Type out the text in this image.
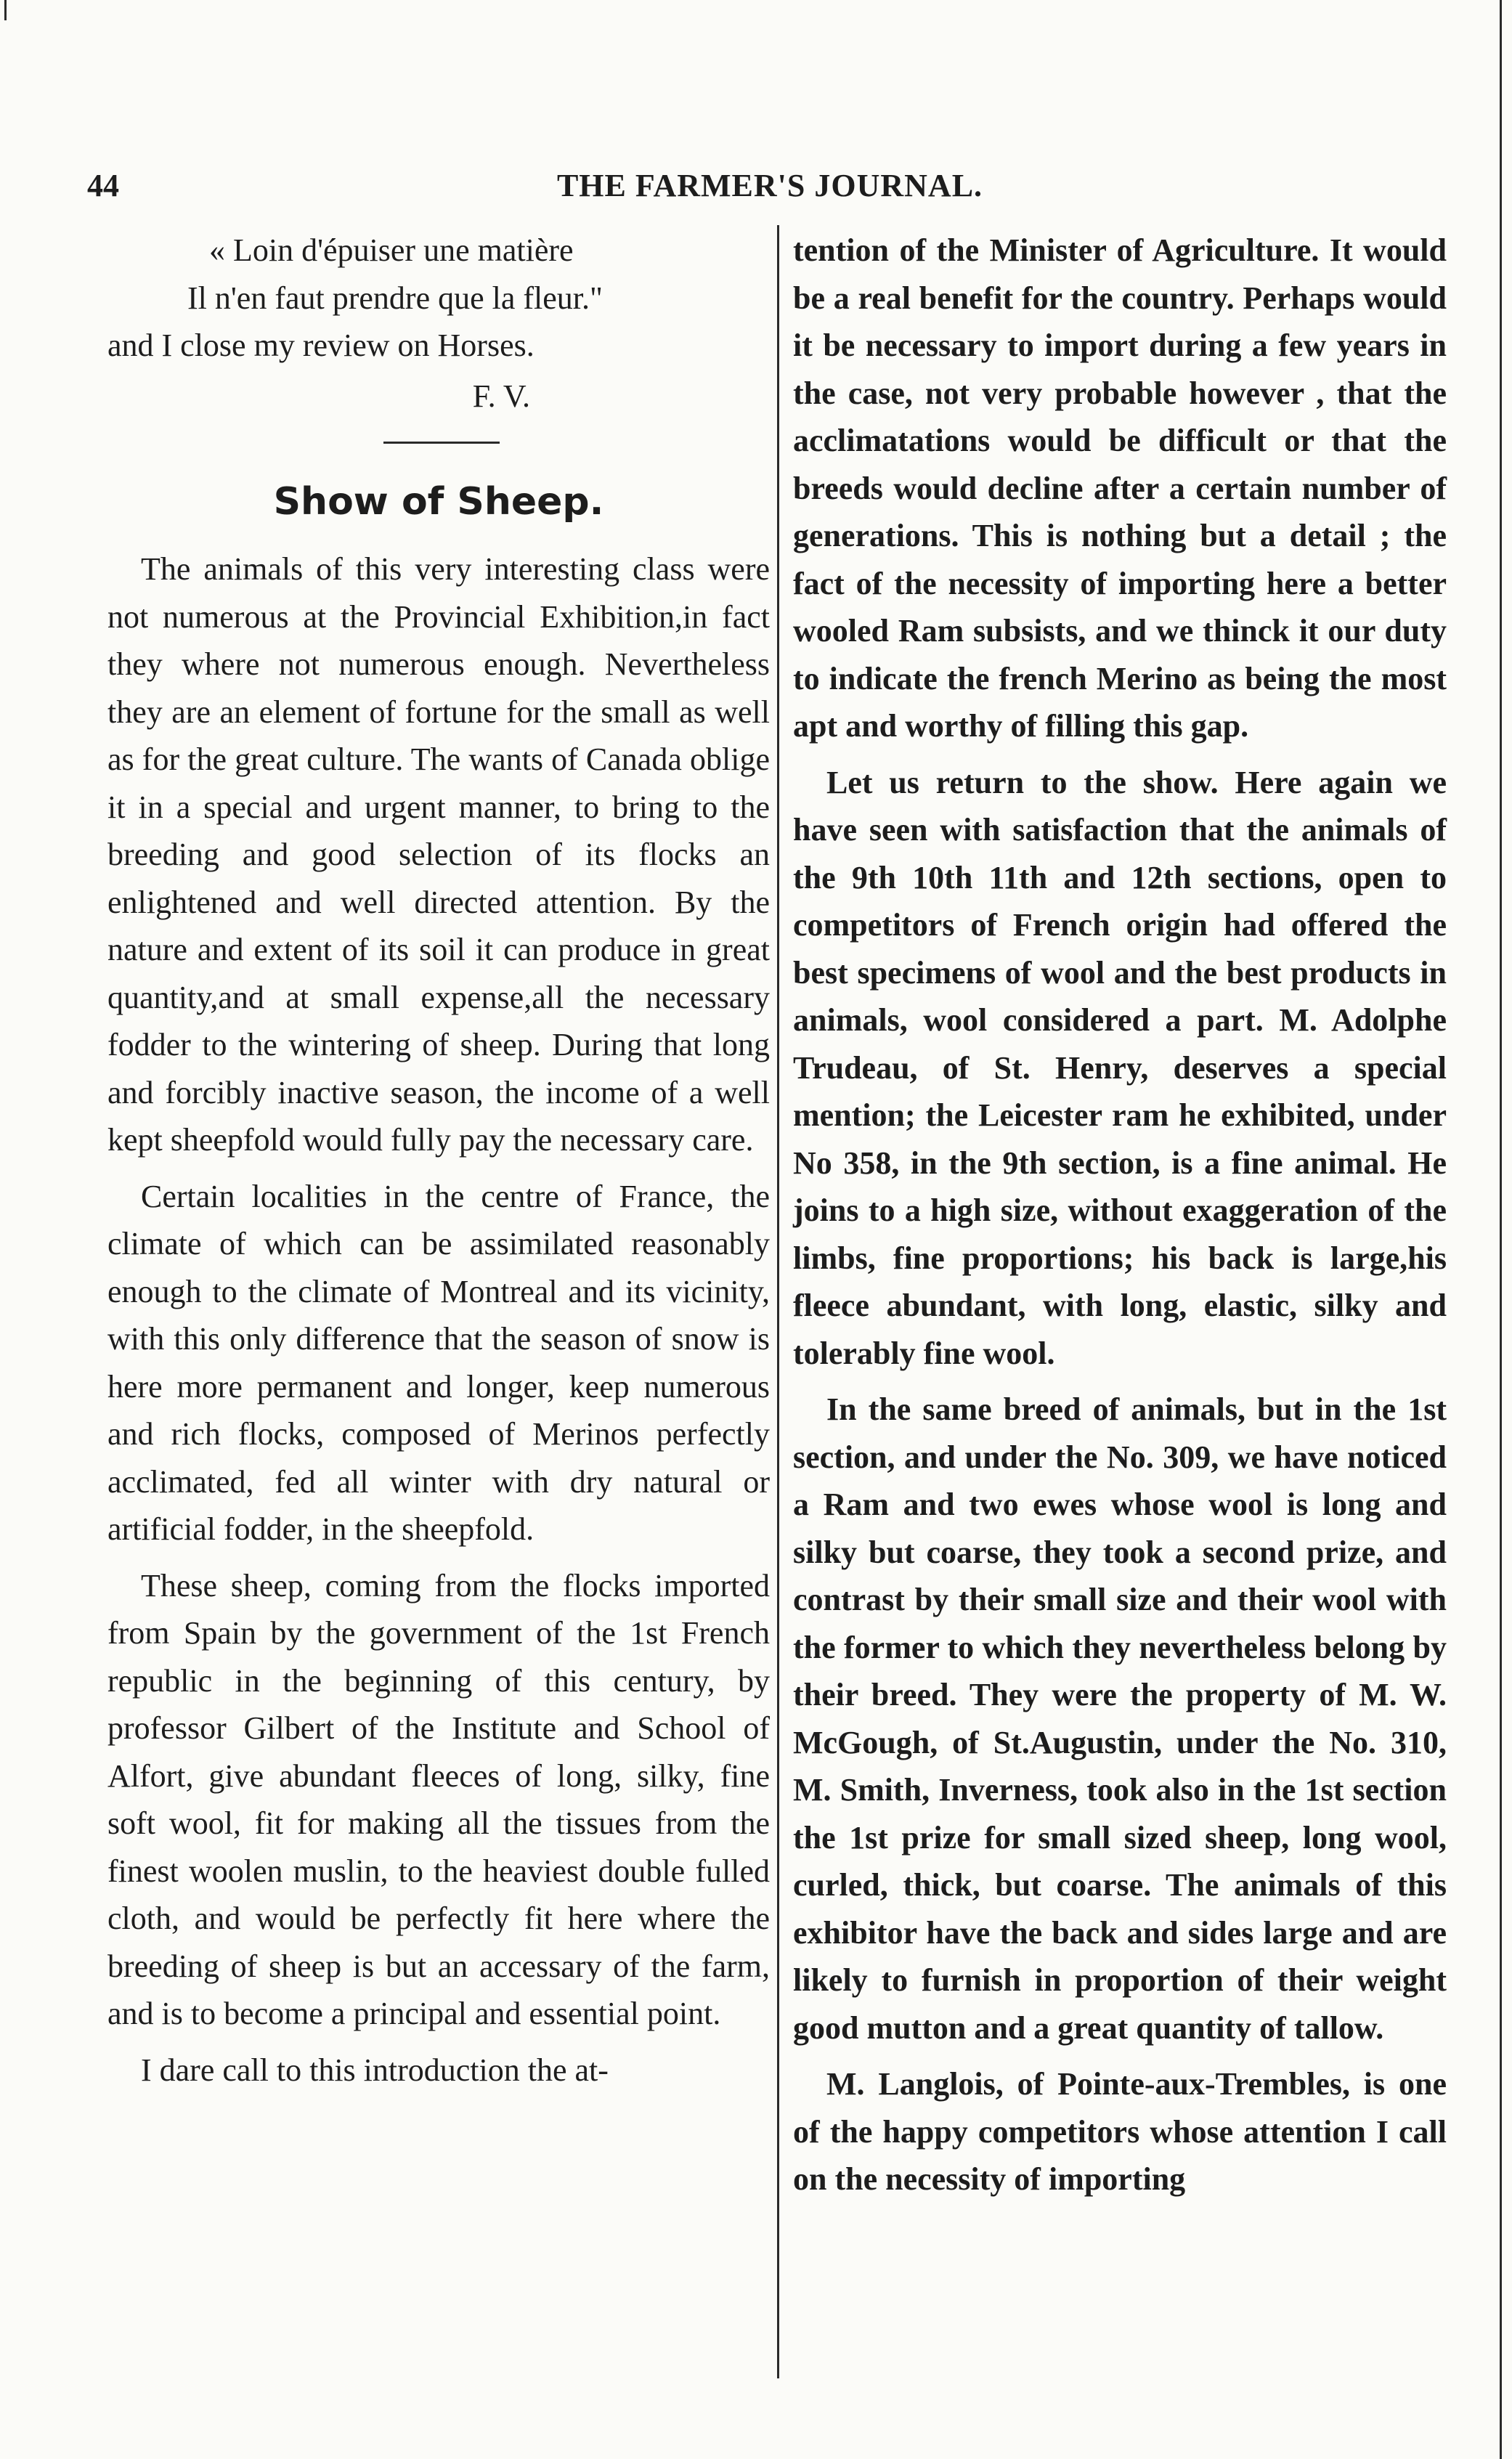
44	THE FARMER'S JOURNAL.
« Loin d'épuiser une matière
Il n'en faut prendre que la fleur."

and I close my review on Horses.

F. V.
Show of Sheep.

The animals of this very interesting class were not numerous at the Provincial Exhibition,in fact they where not numerous enough. Nevertheless they are an element of fortune for the small as well as for the great culture. The wants of Canada oblige it in a special and urgent manner, to bring to the breeding and good selection of its flocks an enlightened and well directed attention. By the nature and extent of its soil it can produce in great quantity,and at small expense,all the necessary fodder to the wintering of sheep. During that long and forcibly inactive season, the income of a well kept sheepfold would fully pay the necessary care.

Certain localities in the centre of France, the climate of which can be assimilated reasonably enough to the climate of Montreal and its vicinity, with this only difference that the season of snow is here more permanent and longer, keep numerous and rich flocks, composed of Merinos perfectly acclimated, fed all winter with dry natural or artificial fodder, in the sheepfold.

These sheep, coming from the flocks imported from Spain by the government of the 1st French republic in the beginning of this century, by professor Gilbert of the Institute and School of Alfort, give abundant fleeces of long, silky, fine soft wool, fit for making all the tissues from the finest woolen muslin, to the heaviest double fulled cloth, and would be perfectly fit here where the breeding of sheep is but an accessary of the farm, and is to become a principal and essential point.

I dare call to this introduction the at-

tention of the Minister of Agriculture. It would be a real benefit for the country. Perhaps would it be necessary to import during a few years in the case, not very probable however , that the acclimatations would be difficult or that the breeds would decline after a certain number of generations. This is nothing but a detail ; the fact of the necessity of importing here a better wooled Ram subsists, and we thinck it our duty to indicate the french Merino as being the most apt and worthy of filling this gap.

Let us return to the show. Here again we have seen with satisfaction that the animals of the 9th 10th 11th and 12th sections, open to competitors of French origin had offered the best specimens of wool and the best products in animals, wool considered a part. M. Adolphe Trudeau, of St. Henry, deserves a special mention; the Leicester ram he exhibited, under No 358, in the 9th section, is a fine animal. He joins to a high size, without exaggeration of the limbs, fine proportions; his back is large,his fleece abundant, with long, elastic, silky and tolerably fine wool.

In the same breed of animals, but in the 1st section, and under the No. 309, we have noticed a Ram and two ewes whose wool is long and silky but coarse, they took a second prize, and contrast by their small size and their wool with the former to which they nevertheless belong by their breed. They were the property of M. W. McGough, of St.Augustin, under the No. 310, M. Smith, Inverness, took also in the 1st section the 1st prize for small sized sheep, long wool, curled, thick, but coarse. The animals of this exhibitor have the back and sides large and are likely to furnish in proportion of their weight good mutton and a great quantity of tallow.

M. Langlois, of Pointe-aux-Trembles, is one of the happy competitors whose attention I call on the necessity of importing
